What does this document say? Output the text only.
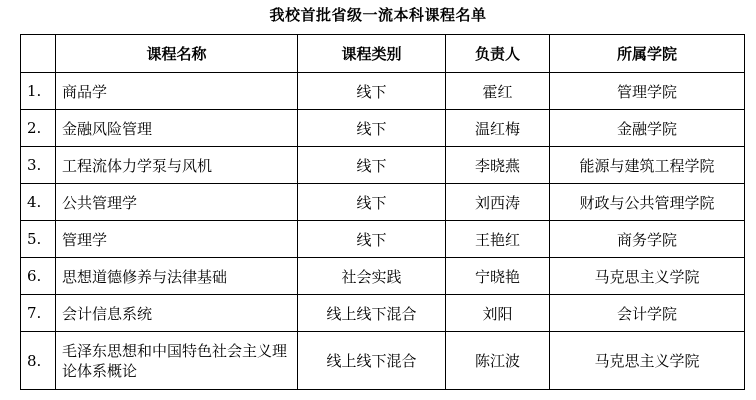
我校首批省级一流本科课程名单
	课程名称	课程类别	负责人	所属学院
1.	商品学	线下	霍红	管理学院
2.	金融风险管理	线下	温红梅	金融学院
3.	工程流体力学泵与风机	线下	李晓燕	能源与建筑工程学院
4.	公共管理学	线下	刘西涛	财政与公共管理学院
5.	管理学	线下	王艳红	商务学院
6.	思想道德修养与法律基础	社会实践	宁晓艳	马克思主义学院
7.	会计信息系统	线上线下混合	刘阳	会计学院
8.	毛泽东思想和中国特色社会主义理论体系概论	线上线下混合	陈江波	马克思主义学院
